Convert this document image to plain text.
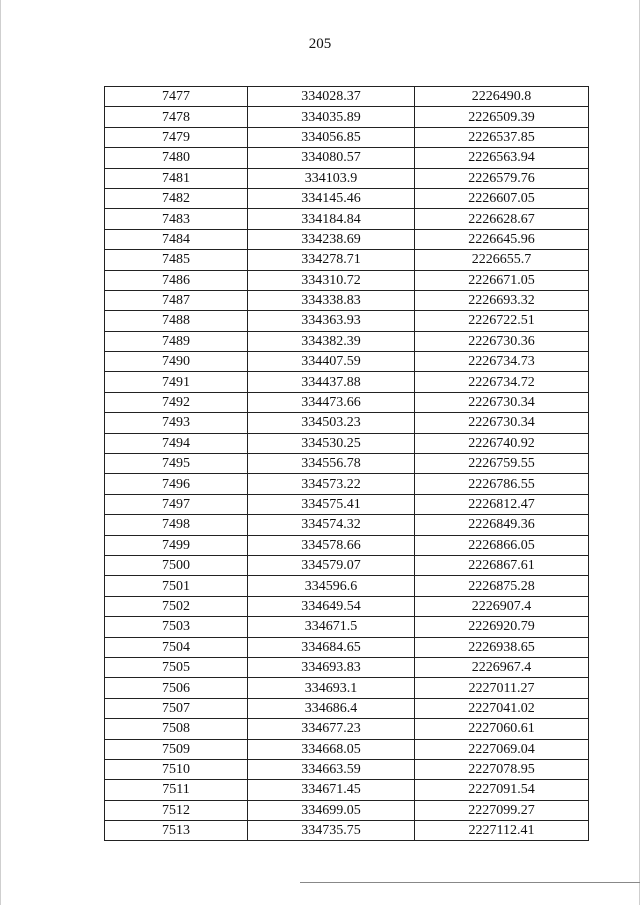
205
7477	334028.37	2226490.8
7478	334035.89	2226509.39
7479	334056.85	2226537.85
7480	334080.57	2226563.94
7481	334103.9	2226579.76
7482	334145.46	2226607.05
7483	334184.84	2226628.67
7484	334238.69	2226645.96
7485	334278.71	2226655.7
7486	334310.72	2226671.05
7487	334338.83	2226693.32
7488	334363.93	2226722.51
7489	334382.39	2226730.36
7490	334407.59	2226734.73
7491	334437.88	2226734.72
7492	334473.66	2226730.34
7493	334503.23	2226730.34
7494	334530.25	2226740.92
7495	334556.78	2226759.55
7496	334573.22	2226786.55
7497	334575.41	2226812.47
7498	334574.32	2226849.36
7499	334578.66	2226866.05
7500	334579.07	2226867.61
7501	334596.6	2226875.28
7502	334649.54	2226907.4
7503	334671.5	2226920.79
7504	334684.65	2226938.65
7505	334693.83	2226967.4
7506	334693.1	2227011.27
7507	334686.4	2227041.02
7508	334677.23	2227060.61
7509	334668.05	2227069.04
7510	334663.59	2227078.95
7511	334671.45	2227091.54
7512	334699.05	2227099.27
7513	334735.75	2227112.41
